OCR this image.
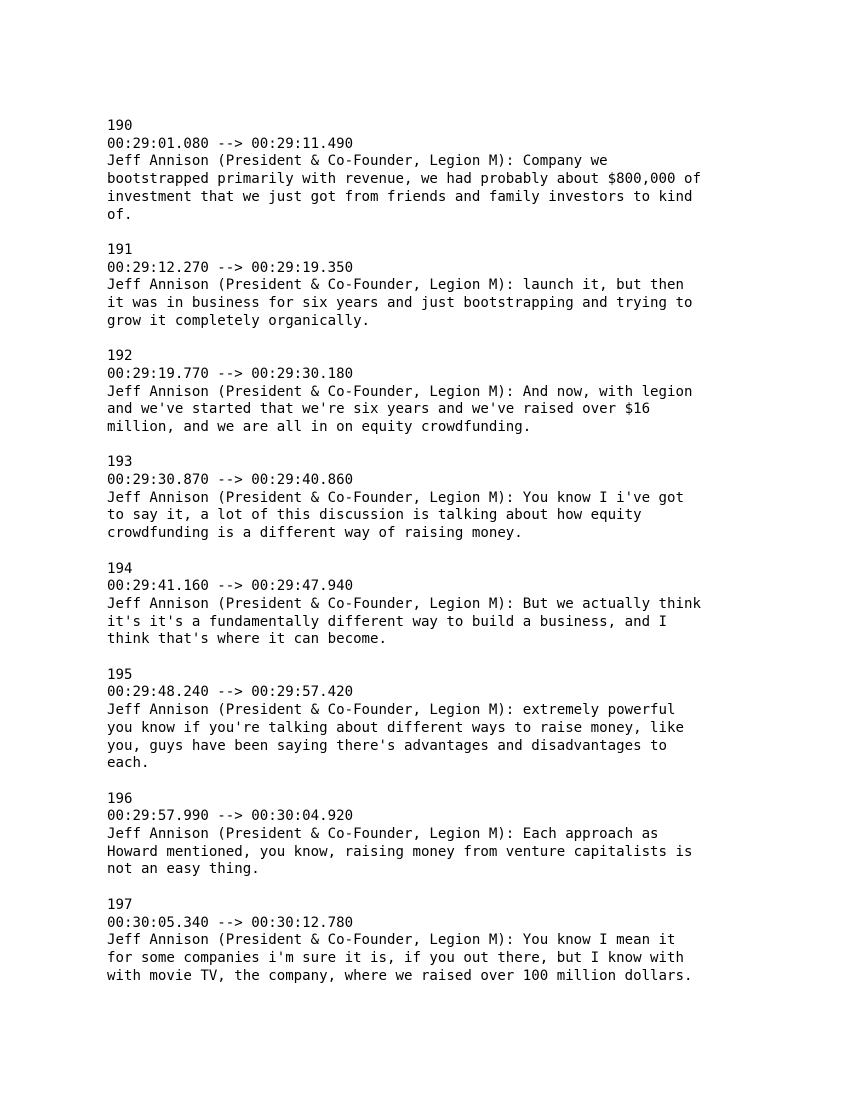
190
00:29:01.080 --> 00:29:11.490
Jeff Annison (President & Co-Founder, Legion M): Company we
bootstrapped primarily with revenue, we had probably about $800,000 of
investment that we just got from friends and family investors to kind
of.
191
00:29:12.270 --> 00:29:19.350
Jeff Annison (President & Co-Founder, Legion M): launch it, but then
it was in business for six years and just bootstrapping and trying to
grow it completely organically.
192
00:29:19.770 --> 00:29:30.180
Jeff Annison (President & Co-Founder, Legion M): And now, with legion
and we've started that we're six years and we've raised over $16
million, and we are all in on equity crowdfunding.
193
00:29:30.870 --> 00:29:40.860
Jeff Annison (President & Co-Founder, Legion M): You know I i've got
to say it, a lot of this discussion is talking about how equity
crowdfunding is a different way of raising money.
194
00:29:41.160 --> 00:29:47.940
Jeff Annison (President & Co-Founder, Legion M): But we actually think
it's it's a fundamentally different way to build a business, and I
think that's where it can become.
195
00:29:48.240 --> 00:29:57.420
Jeff Annison (President & Co-Founder, Legion M): extremely powerful
you know if you're talking about different ways to raise money, like
you, guys have been saying there's advantages and disadvantages to
each.
196
00:29:57.990 --> 00:30:04.920
Jeff Annison (President & Co-Founder, Legion M): Each approach as
Howard mentioned, you know, raising money from venture capitalists is
not an easy thing.
197
00:30:05.340 --> 00:30:12.780
Jeff Annison (President & Co-Founder, Legion M): You know I mean it
for some companies i'm sure it is, if you out there, but I know with
with movie TV, the company, where we raised over 100 million dollars.
